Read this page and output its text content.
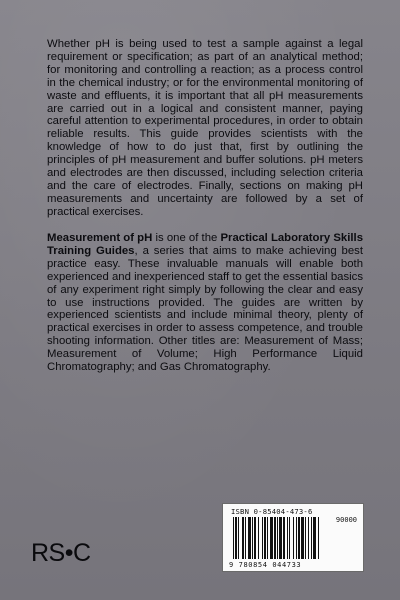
Whether pH is being used to test a sample against a legal requirement or specification; as part of an analytical method; for monitoring and controlling a reaction; as a process control in the chemical industry; or for the environmental monitoring of waste and effluents, it is important that all pH measurements are carried out in a logical and consistent manner, paying careful attention to experimental procedures, in order to obtain reliable results. This guide provides scientists with the knowledge of how to do just that, first by outlining the principles of pH measurement and buffer solutions. pH meters and electrodes are then discussed, including selection criteria and the care of electrodes. Finally, sections on making pH measurements and uncertainty are followed by a set of practical exercises.

Measurement of pH is one of the Practical Laboratory Skills Training Guides, a series that aims to make achieving best practice easy. These invaluable manuals will enable both experienced and inexperienced staff to get the essential basics of any experiment right simply by following the clear and easy to use instructions provided. The guides are written by experienced scientists and include minimal theory, plenty of practical exercises in order to assess competence, and trouble shooting information. Other titles are: Measurement of Mass; Measurement of Volume; High Performance Liquid Chromatography; and Gas Chromatography.

ISBN 0-85404-473-6
90000
9 780854 044733
RS•C
